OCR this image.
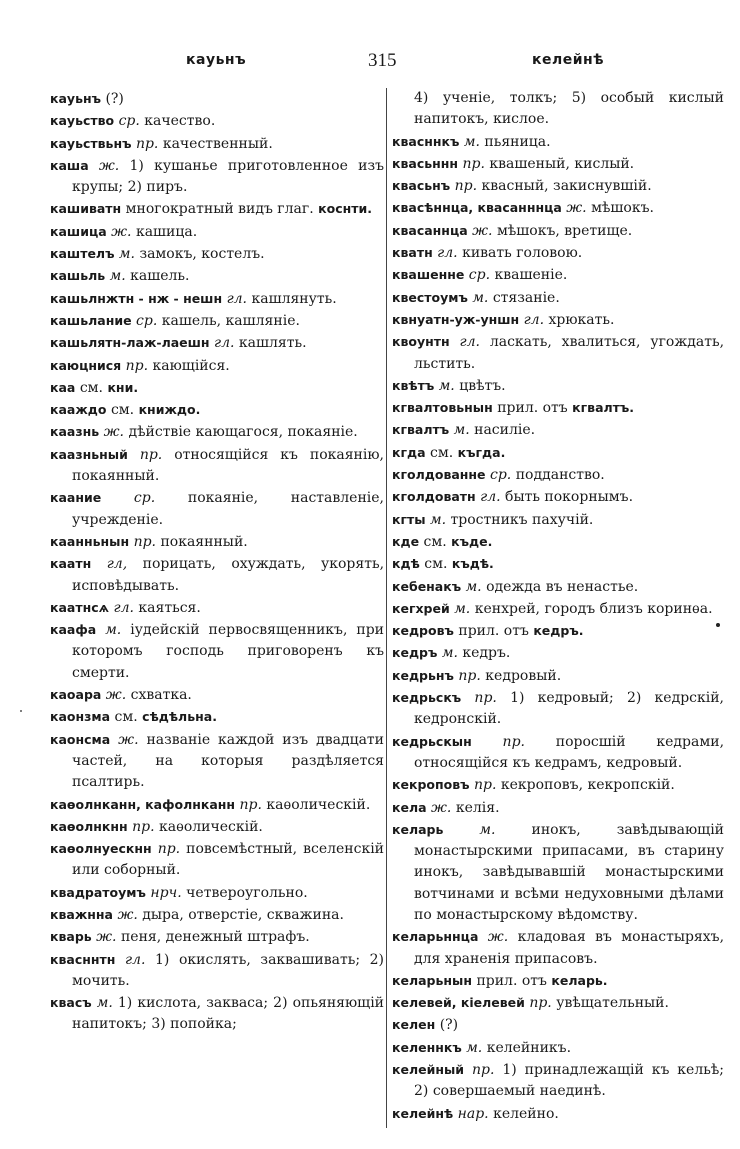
кауьнъ	315	келейнѣ
кауьнъ (?)
кауьство ср. качество.
кауьствьнъ пр. качественный.
каша ж. 1) кушанье приготовленное изъ крупы; 2) пиръ.
кашиватн многократный видъ глаг. коснти.
кашица ж. кашица.
каштелъ м. замокъ, костелъ.
кашьль м. кашель.
кашьлнжтн - нж - нешн гл. кашлянуть.
кашьлание ср. кашель, кашляніе.
кашьлятн-лаж-лаешн гл. кашлять.
каюцнися пр. кающійся.
каа см. кни.
кааждо см. книждо.
каазнь ж. дѣйствіе кающагося, покаяніе.
каазньный пр. относящійся къ покаянію, покаянный.
каание ср. покаяніе, наставленіе, учрежденіе.
каанньнын пр. покаянный.
каатн гл, порицать, охуждать, укорять, исповѣдывать.
каатнсѧ гл. каяться.
каафа м. іудейскій первосвященникъ, при которомъ господь приговоренъ къ смерти.
каоара ж. схватка.
каонзма см. сѣдѣльна.
каонсма ж. названіе каждой изъ двадцати частей, на которыя раздѣляется псалтирь.
каѳолнканн, кафолнканн пр. каѳолическій.
каѳолнкнн пр. каѳолическій.
каѳолнуескнн пр. повсемѣстный, вселенскій или соборный.
квадратоумъ нрч. четвероугольно.
кважнна ж. дыра, отверстіе, скважина.
кварь ж. пеня, денежный штрафъ.
квасннтн гл. 1) окислять, заквашивать; 2) мочить.
квасъ м. 1) кислота, закваса; 2) опьяняющій напитокъ; 3) попойка;
4) ученіе, толкъ; 5) особый кислый напитокъ, кислое.
квасннкъ м. пьяница.
квасьннн пр. квашеный, кислый.
квасьнъ пр. квасный, закиснувшій.
квасѣннца, квасанннца ж. мѣшокъ.
квасаннца ж. мѣшокъ, вретище.
кватн гл. кивать головою.
квашенне ср. квашеніе.
квестоумъ м. стязаніе.
квнуатн-уж-уншн гл. хрюкать.
квоунтн гл. ласкать, хвалиться, угождать, льстить.
квѣтъ м. цвѣтъ.
кгвалтовьнын прил. отъ кгвалтъ.
кгвалтъ м. насиліе.
кгда см. къгда.
кголдованне ср. подданство.
кголдоватн гл. быть покорнымъ.
кгты м. тростникъ пахучій.
кде см. къде.
кдѣ см. къдѣ.
кебенакъ м. одежда въ ненастье.
кегхрей м. кенхрей, городъ близъ коринѳа.
кедровъ прил. отъ кедръ.
кедръ м. кедръ.
кедрьнъ пр. кедровый.
кедрьскъ пр. 1) кедровый; 2) кедрскій, кедронскій.
кедрьскын пр. поросшій кедрами, относящійся къ кедрамъ, кедровый.
кекроповъ пр. кекроповъ, кекропскій.
кела ж. келія.
келарь	м.	инокъ, завѣдывающій монастырскими припасами, въ старину инокъ, завѣдывавшій монастырскими вотчинами и всѣми недуховными дѣлами по монастырскому вѣдомству.
келарьннца ж. кладовая въ монастыряхъ, для храненія припасовъ.
келарьнын прил. отъ келарь.
келевей, кіелевей пр. увѣщательный.
келен (?)
келеннкъ м. келейникъ.
келейный пр. 1) принадлежащій къ кельѣ; 2) совершаемый наединѣ.
келейнѣ нар. келейно.
